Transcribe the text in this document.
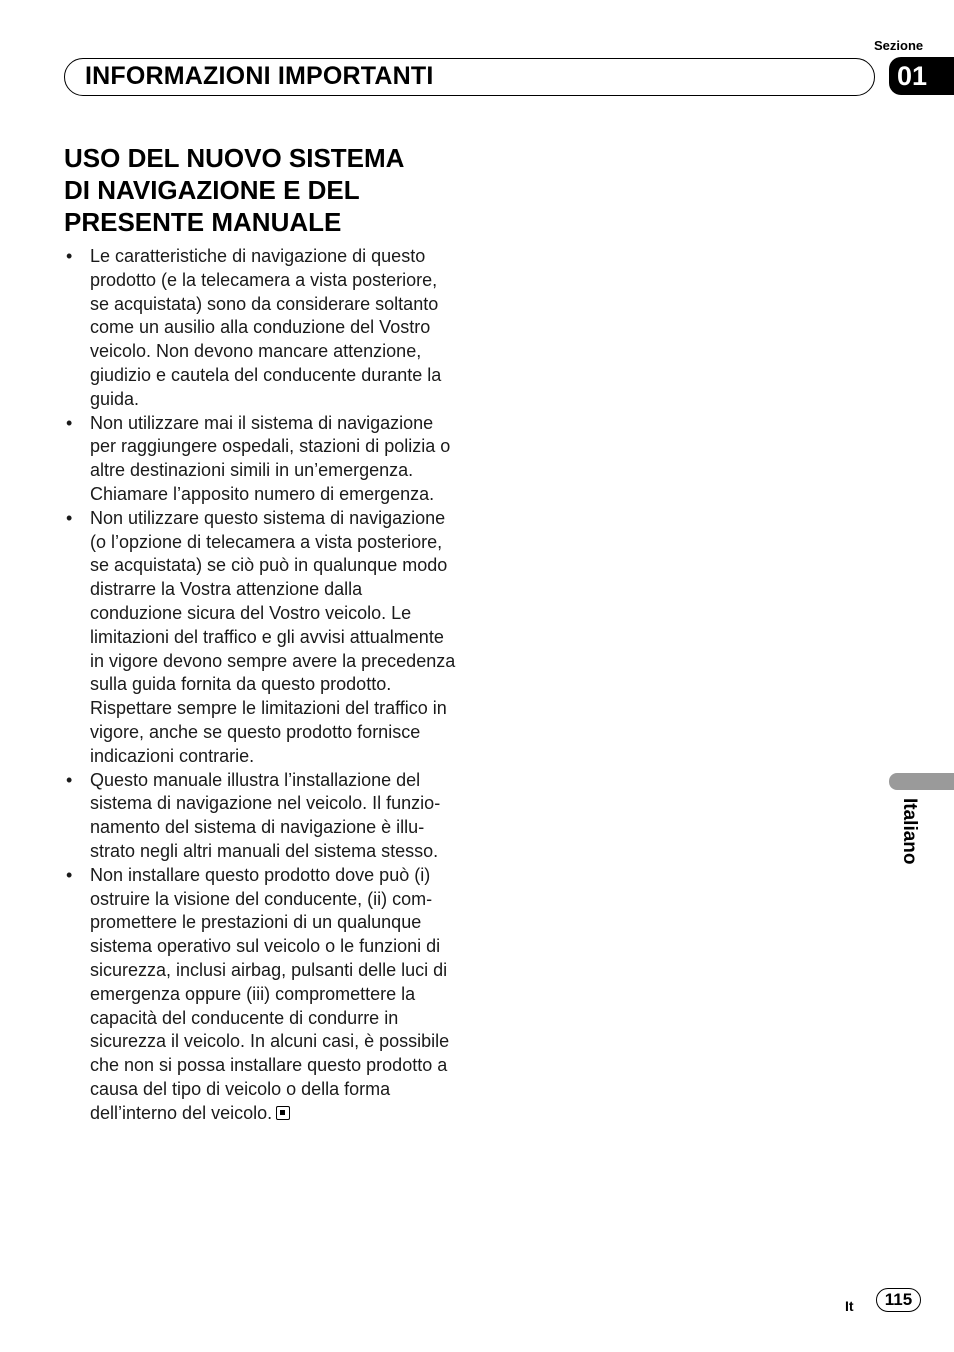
Sezione
01
INFORMAZIONI IMPORTANTI
USO DEL NUOVO SISTEMA
DI NAVIGAZIONE E DEL
PRESENTE MANUALE
• Le caratteristiche di navigazione di questo prodotto (e la telecamera a vista posteriore, se acquistata) sono da considerare soltanto come un ausilio alla conduzione del Vostro veicolo. Non devono mancare attenzione, giudizio e cautela del conducente durante la guida.
• Non utilizzare mai il sistema di navigazione per raggiungere ospedali, stazioni di polizia o altre destinazioni simili in un’emergenza. Chiamare l’apposito numero di emergenza.
• Non utilizzare questo sistema di navigazione (o l’opzione di telecamera a vista posteriore, se acquistata) se ciò può in qualunque modo distrarre la Vostra attenzione dalla conduzione sicura del Vostro veicolo. Le limitazioni del traffico e gli avvisi attualmente in vigore devono sempre avere la precedenza sulla guida fornita da questo prodotto. Rispettare sempre le limitazioni del traffico in vigore, anche se questo prodotto fornisce indicazioni contrarie.
• Questo manuale illustra l’installazione del sistema di navigazione nel veicolo. Il funzionamento del sistema di navigazione è illustrato negli altri manuali del sistema stesso.
• Non installare questo prodotto dove può (i) ostruire la visione del conducente, (ii) compromettere le prestazioni di un qualunque sistema operativo sul veicolo o le funzioni di sicurezza, inclusi airbag, pulsanti delle luci di emergenza oppure (iii) compromettere la capacità del conducente di condurre in sicurezza il veicolo. In alcuni casi, è possibile che non si possa installare questo prodotto a causa del tipo di veicolo o della forma dell’interno del veicolo.
Italiano
It	115
